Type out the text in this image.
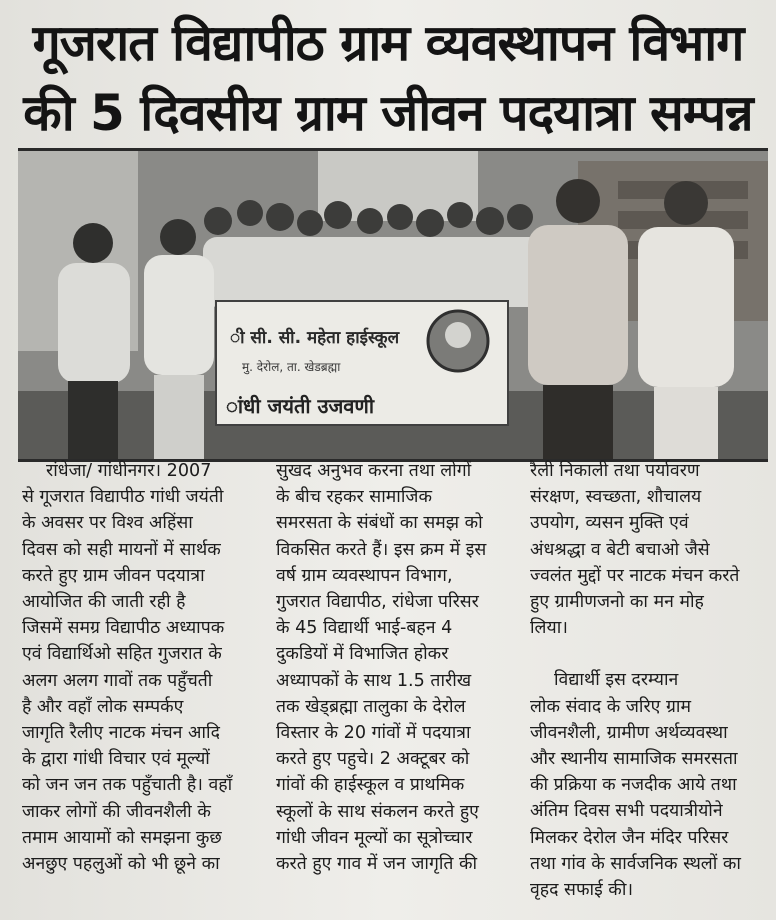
गूजरात विद्यापीठ ग्राम व्यवस्थापन विभाग
की 5 दिवसीय ग्राम जीवन पदयात्रा सम्पन्न
ी सी. सी. महेता हाईस्कूल
मु. देरोल, ता. खेडब्रह्मा
ांधी जयंती उजवणी
रांधेजा/ गांधीनगर। 2007
से गूजरात विद्यापीठ गांधी जयंती
के अवसर पर विश्व अहिंसा
दिवस को सही मायनों में सार्थक
करते हुए ग्राम जीवन पदयात्रा
आयोजित की जाती रही है
जिसमें समग्र विद्यापीठ अध्यापक
एवं विद्यार्थिओ सहित गुजरात के
अलग अलग गावों तक पहुँचती
है और वहाँ लोक सम्पर्कए
जागृति रैलीए नाटक मंचन आदि
के द्वारा गांधी विचार एवं मूल्यों
को जन जन तक पहुँचाती है। वहाँ
जाकर लोगों की जीवनशैली के
तमाम आयामों को समझना कुछ
अनछुए पहलुओं को भी छूने का
सुखद अनुभव करना तथा लोगों
के बीच रहकर सामाजिक
समरसता के संबंधों का समझ को
विकसित करते हैं। इस क्रम में इस
वर्ष ग्राम व्यवस्थापन विभाग,
गुजरात विद्यापीठ, रांधेजा परिसर
के 45 विद्यार्थी भाई-बहन 4
दुकडियों में विभाजित होकर
अध्यापकों के साथ 1.5 तारीख
तक खेड्ब्रह्मा तालुका के देरोल
विस्तार के 20 गांवों में पदयात्रा
करते हुए पहुचे। 2 अक्टूबर को
गांवों की हाईस्कूल व प्राथमिक
स्कूलों के साथ संकलन करते हुए
गांधी जीवन मूल्यों का सूत्रोच्चार
करते हुए गाव में जन जागृति की
रैली निकाली तथा पर्यावरण
संरक्षण, स्वच्छता, शौचालय
उपयोग, व्यसन मुक्ति एवं
अंधश्रद्धा व बेटी बचाओ जैसे
ज्वलंत मुद्दों पर नाटक मंचन करते
हुए ग्रामीणजनो का मन मोह
लिया।
विद्यार्थी इस दरम्यान
लोक संवाद के जरिए ग्राम
जीवनशैली, ग्रामीण अर्थव्यवस्था
और स्थानीय सामाजिक समरसता
की प्रक्रिया क नजदीक आये तथा
अंतिम दिवस सभी पदयात्रीयोने
मिलकर देरोल जैन मंदिर परिसर
तथा गांव के सार्वजनिक स्थलों का
वृहद सफाई की।
